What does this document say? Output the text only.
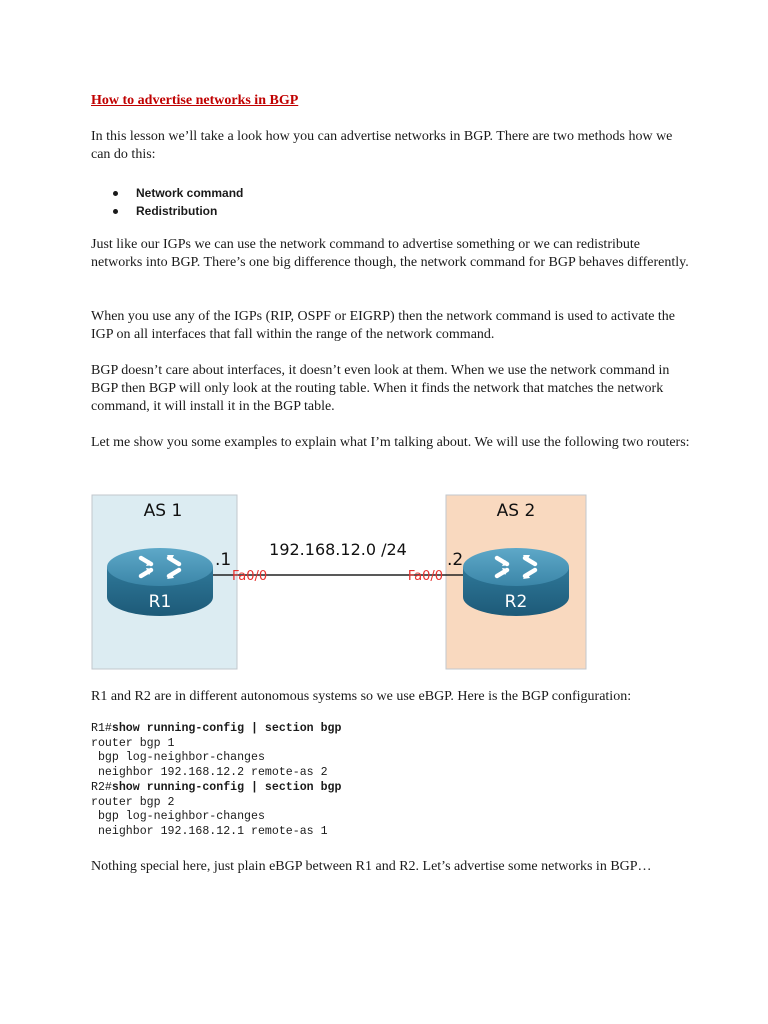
How to advertise networks in BGP

In this lesson we’ll take a look how you can advertise networks in BGP. There are two methods how we can do this:

Network command
Redistribution

Just like our IGPs we can use the network command to advertise something or we can redistribute networks into BGP. There’s one big difference though, the network command for BGP behaves differently.

When you use any of the IGPs (RIP, OSPF or EIGRP) then the network command is used to activate the IGP on all interfaces that fall within the range of the network command.

BGP doesn’t care about interfaces, it doesn’t even look at them. When we use the network command in BGP then BGP will only look at the routing table. When it finds the network that matches the network command, it will install it in the BGP table.

Let me show you some examples to explain what I’m talking about. We will use the following two routers:

AS 1	AS 2
192.168.12.0 /24
Fa0/0	Fa0/0
.1	.2
R1	R2

R1 and R2 are in different autonomous systems so we use eBGP. Here is the BGP configuration:

R1#show running-config | section bgp
router bgp 1
bgp log-neighbor-changes
neighbor 192.168.12.2 remote-as 2
R2#show running-config | section bgp
router bgp 2
bgp log-neighbor-changes
neighbor 192.168.12.1 remote-as 1

Nothing special here, just plain eBGP between R1 and R2. Let’s advertise some networks in BGP…
